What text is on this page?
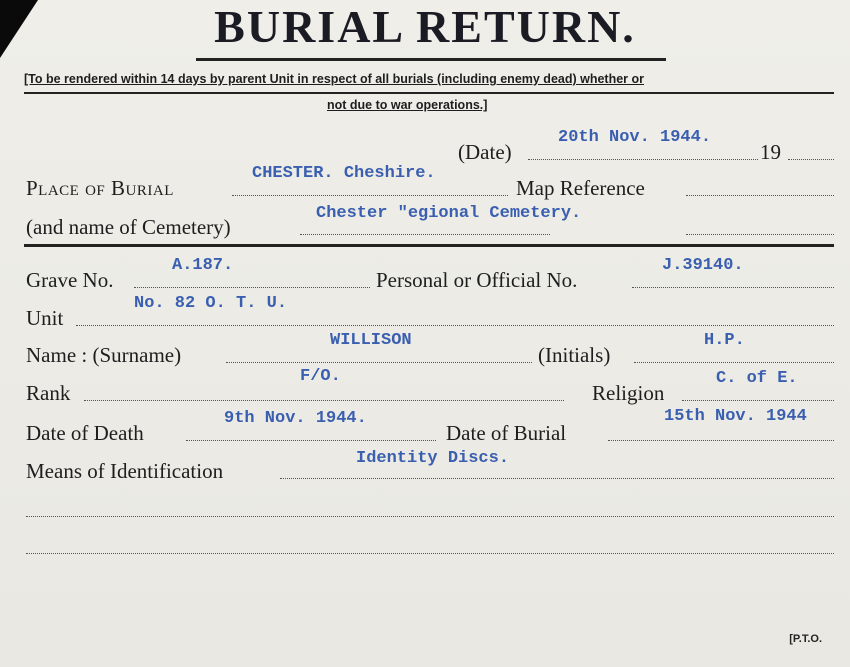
BURIAL RETURN.
[To be rendered within 14 days by parent Unit in respect of all burials (including enemy dead) whether or
not due to war operations.]
(Date)
20th Nov. 1944.
19
Place of Burial
CHESTER. Cheshire.
Map Reference
(and name of Cemetery)
Chester "egional Cemetery.
Grave No.
A.187.
Personal or Official No.
J.39140.
Unit
No. 82 O. T. U.
Name : (Surname)
WILLISON
(Initials)
H.P.
Rank
F/O.
Religion
C. of E.
Date of Death
9th Nov. 1944.
Date of Burial
15th Nov. 1944
Means of Identification
Identity Discs.
[P.T.O.
